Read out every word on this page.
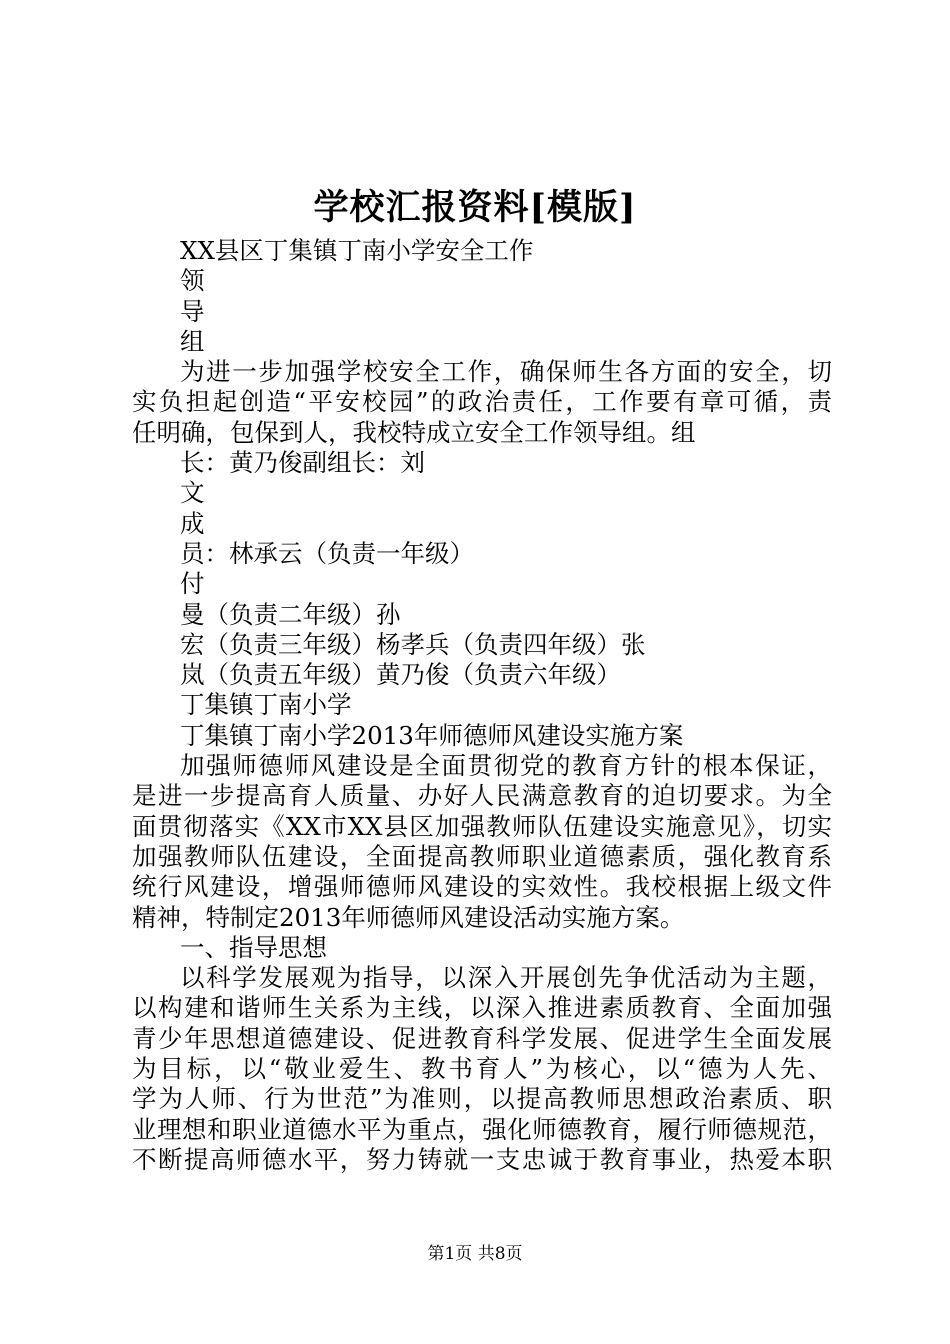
学校汇报资料[模版]
XX县区丁集镇丁南小学安全工作
领
导
组
为进一步加强学校安全工作，确保师生各方面的安全，切
实负担起创造“平安校园”的政治责任，工作要有章可循，责
任明确，包保到人，我校特成立安全工作领导组。组
长：黄乃俊副组长：刘
文
成
员：林承云（负责一年级）
付
曼（负责二年级）孙
宏（负责三年级）杨孝兵（负责四年级）张
岚（负责五年级）黄乃俊（负责六年级）
丁集镇丁南小学
丁集镇丁南小学2013年师德师风建设实施方案
加强师德师风建设是全面贯彻党的教育方针的根本保证，
是进一步提高育人质量、办好人民满意教育的迫切要求。为全
面贯彻落实《XX市XX县区加强教师队伍建设实施意见》，切实
加强教师队伍建设，全面提高教师职业道德素质，强化教育系
统行风建设，增强师德师风建设的实效性。我校根据上级文件
精神，特制定2013年师德师风建设活动实施方案。
一、指导思想
以科学发展观为指导，以深入开展创先争优活动为主题，
以构建和谐师生关系为主线，以深入推进素质教育、全面加强
青少年思想道德建设、促进教育科学发展、促进学生全面发展
为目标，以“敬业爱生、教书育人”为核心，以“德为人先、
学为人师、行为世范”为准则，以提高教师思想政治素质、职
业理想和职业道德水平为重点，强化师德教育，履行师德规范，
不断提高师德水平，努力铸就一支忠诚于教育事业，热爱本职
第1页 共8页
